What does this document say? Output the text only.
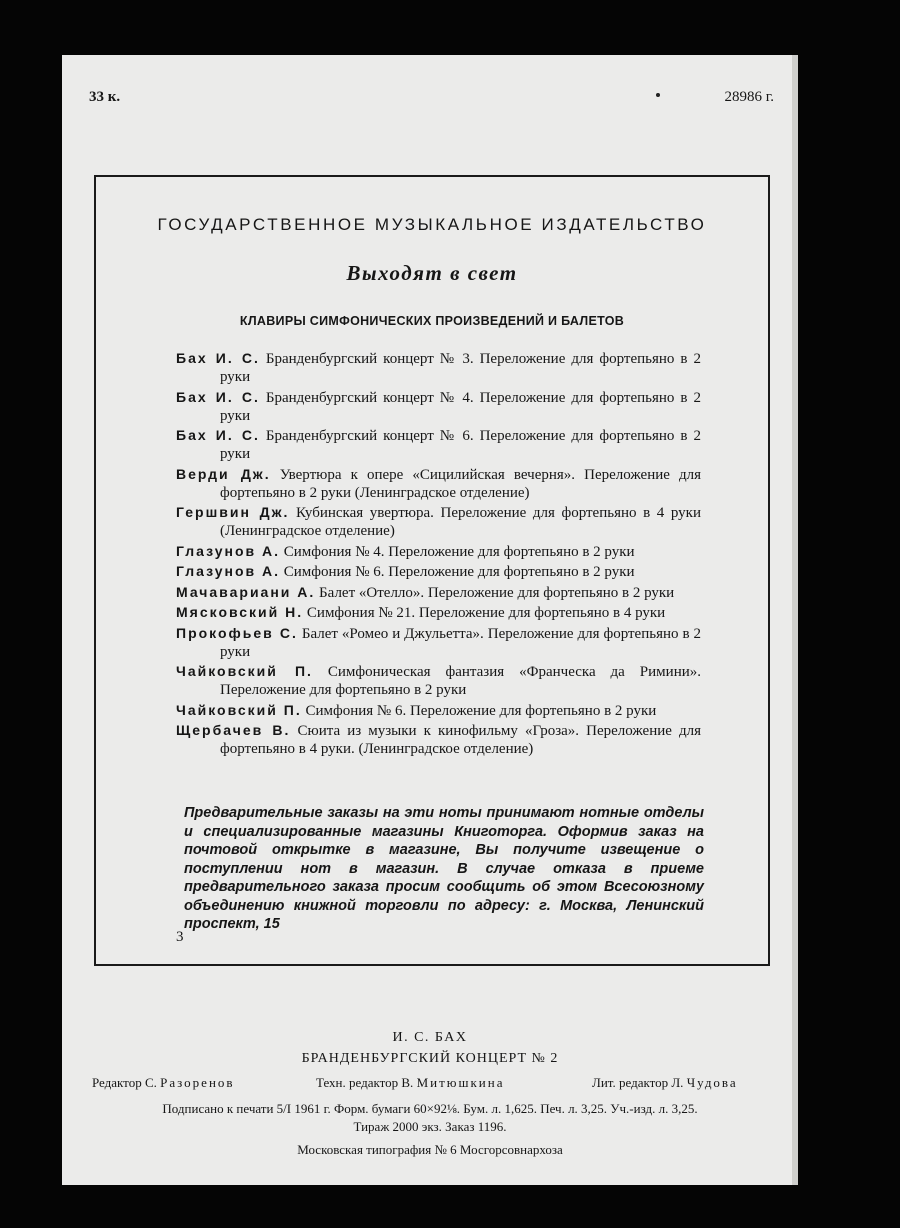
33 к.	28986 г.
ГОСУДАРСТВЕННОЕ МУЗЫКАЛЬНОЕ ИЗДАТЕЛЬСТВО
Выходят в свет
КЛАВИРЫ СИМФОНИЧЕСКИХ ПРОИЗВЕДЕНИЙ И БАЛЕТОВ
Бах И. С. Бранденбургский концерт № 3. Переложение для фортепьяно в 2 руки
Бах И. С. Бранденбургский концерт № 4. Переложение для фортепьяно в 2 руки
Бах И. С. Бранденбургский концерт № 6. Переложение для фортепьяно в 2 руки
Верди Дж. Увертюра к опере «Сицилийская вечерня». Переложение для фортепьяно в 2 руки (Ленинградское отделение)
Гершвин Дж. Кубинская увертюра. Переложение для фортепьяно в 4 руки (Ленинградское отделение)
Глазунов А. Симфония № 4. Переложение для фортепьяно в 2 руки
Глазунов А. Симфония № 6. Переложение для фортепьяно в 2 руки
Мачавариани А. Балет «Отелло». Переложение для фортепьяно в 2 руки
Мясковский Н. Симфония № 21. Переложение для фортепьяно в 4 руки
Прокофьев С. Балет «Ромео и Джульетта». Переложение для фортепьяно в 2 руки
Чайковский П. Симфоническая фантазия «Франческа да Римини». Переложение для фортепьяно в 2 руки
Чайковский П. Симфония № 6. Переложение для фортепьяно в 2 руки
Щербачев В. Сюита из музыки к кинофильму «Гроза». Переложение для фортепьяно в 4 руки. (Ленинградское отделение)

Предварительные заказы на эти ноты принимают нотные отделы и специализированные магазины Книготорга. Оформив заказ на почтовой открытке в магазине, Вы получите извещение о поступлении нот в магазин. В случае отказа в приеме предварительного заказа просим сообщить об этом Всесоюзному объединению книжной торговли по адресу: г. Москва, Ленинский проспект, 15

3
И. С. БАХ
БРАНДЕНБУРГСКИЙ КОНЦЕРТ № 2
Редактор С. Разоренов	Техн. редактор В. Митюшкина	Лит. редактор Л. Чудова
Подписано к печати 5/I 1961 г. Форм. бумаги 60×92⅛. Бум. л. 1,625. Печ. л. 3,25. Уч.-изд. л. 3,25.
Тираж 2000 экз. Заказ 1196.
Московская типография № 6 Мосгорсовнархоза
